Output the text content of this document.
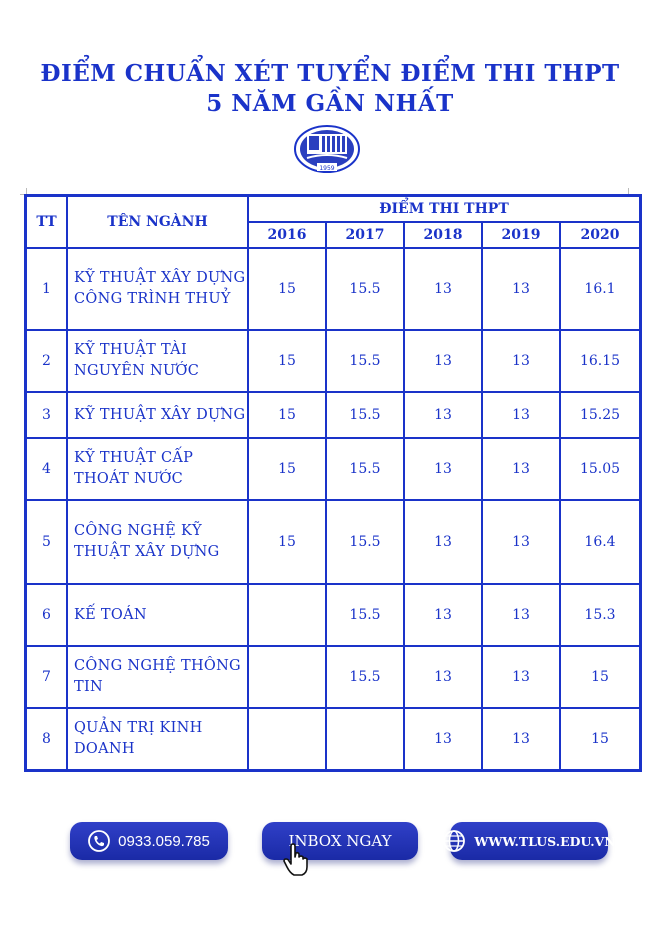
ĐIỂM CHUẨN XÉT TUYỂN ĐIỂM THI THPT
5 NĂM GẦN NHẤT
1959
TT	TÊN NGÀNH	ĐIỂM THI THPT				
		2016	2017	2018	2019	2020
1	KỸ THUẬT XÂY DỰNG CÔNG TRÌNH THUỶ	15	15.5	13	13	16.1
2	KỸ THUẬT TÀI NGUYÊN NƯỚC	15	15.5	13	13	16.15
3	KỸ THUẬT XÂY DỰNG	15	15.5	13	13	15.25
4	KỸ THUẬT CẤP THOÁT NƯỚC	15	15.5	13	13	15.05
5	CÔNG NGHỆ KỸ THUẬT XÂY DỰNG	15	15.5	13	13	16.4
6	KẾ TOÁN		15.5	13	13	15.3
7	CÔNG NGHỆ THÔNG TIN		15.5	13	13	15
8	QUẢN TRỊ KINH DOANH			13	13	15
0933.059.785	INBOX NGAY	WWW.TLUS.EDU.VN
